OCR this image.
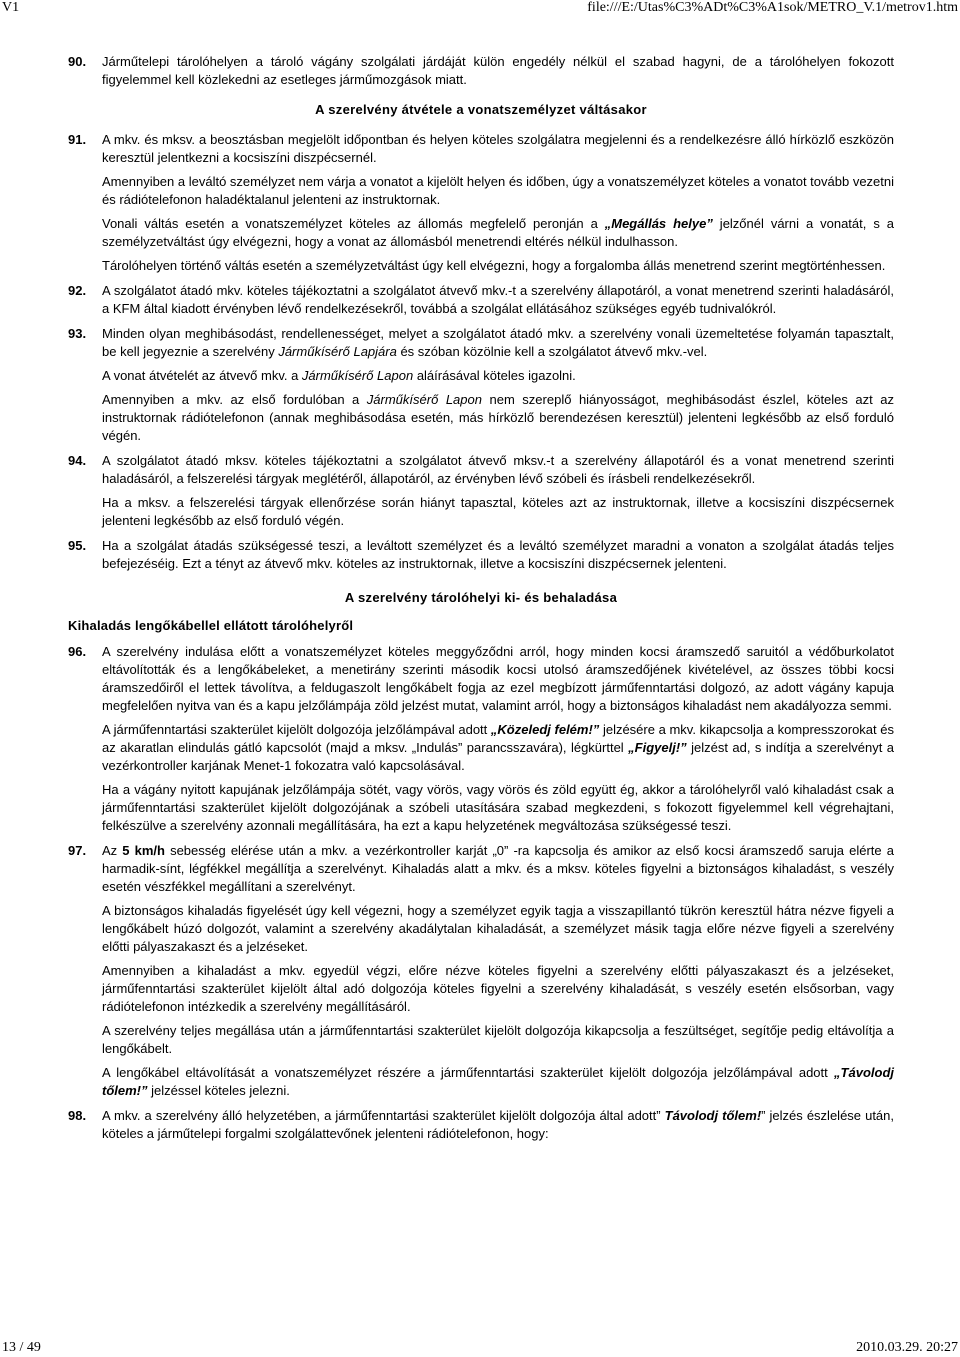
V1	file:///E:/Utas%C3%ADt%C3%A1sok/METRO_V.1/metrov1.htm
90.	Járműtelepi tárolóhelyen a tároló vágány szolgálati járdáját külön engedély nélkül el szabad hagyni, de a tárolóhelyen fokozott figyelemmel kell közlekedni az esetleges járműmozgások miatt.

A szerelvény átvétele a vonatszemélyzet váltásakor
91.	A mkv. és mksv. a beosztásban megjelölt időpontban és helyen köteles szolgálatra megjelenni és a rendelkezésre álló hírközlő eszközön keresztül jelentkezni a kocsiszíni diszpécsernél.

Amennyiben a leváltó személyzet nem várja a vonatot a kijelölt helyen és időben, úgy a vonatszemélyzet köteles a vonatot tovább vezetni és rádiótelefonon haladéktalanul jelenteni az instruktornak.

Vonali váltás esetén a vonatszemélyzet köteles az állomás megfelelő peronján a „Megállás helye” jelzőnél várni a vonatát, s a személyzetváltást úgy elvégezni, hogy a vonat az állomásból menetrendi eltérés nélkül indulhasson.

Tárolóhelyen történő váltás esetén a személyzetváltást úgy kell elvégezni, hogy a forgalomba állás menetrend szerint megtörténhessen.

92.	A szolgálatot átadó mkv. köteles tájékoztatni a szolgálatot átvevő mkv.-t a szerelvény állapotáról, a vonat menetrend szerinti haladásáról, a KFM által kiadott érvényben lévő rendelkezésekről, továbbá a szolgálat ellátásához szükséges egyéb tudnivalókról.

93.	Minden olyan meghibásodást, rendellenességet, melyet a szolgálatot átadó mkv. a szerelvény vonali üzemeltetése folyamán tapasztalt, be kell jegyeznie a szerelvény Járműkísérő Lapjára és szóban közölnie kell a szolgálatot átvevő mkv.-vel.

A vonat átvételét az átvevő mkv. a Járműkísérő Lapon aláírásával köteles igazolni.

Amennyiben a mkv. az első fordulóban a Járműkísérő Lapon nem szereplő hiányosságot, meghibásodást észlel, köteles azt az instruktornak rádiótelefonon (annak meghibásodása esetén, más hírközlő berendezésen keresztül) jelenteni legkésőbb az első forduló végén.

94.	A szolgálatot átadó mksv. köteles tájékoztatni a szolgálatot átvevő mksv.-t a szerelvény állapotáról és a vonat menetrend szerinti haladásáról, a felszerelési tárgyak meglétéről, állapotáról, az érvényben lévő szóbeli és írásbeli rendelkezésekről.

Ha a mksv. a felszerelési tárgyak ellenőrzése során hiányt tapasztal, köteles azt az instruktornak, illetve a kocsiszíni diszpécsernek jelenteni legkésőbb az első forduló végén.

95.	Ha a szolgálat átadás szükségessé teszi, a leváltott személyzet és a leváltó személyzet maradni a vonaton a szolgálat átadás teljes befejezéséig. Ezt a tényt az átvevő mkv. köteles az instruktornak, illetve a kocsiszíni diszpécsernek jelenteni.

A szerelvény tárolóhelyi ki- és behaladása
Kihaladás lengőkábellel ellátott tárolóhelyről
96.	A szerelvény indulása előtt a vonatszemélyzet köteles meggyőződni arról, hogy minden kocsi áramszedő saruitól a védőburkolatot eltávolították és a lengőkábeleket, a menetirány szerinti második kocsi utolsó áramszedőjének kivételével, az összes többi kocsi áramszedőiről el lettek távolítva, a feldugaszolt lengőkábelt fogja az ezel megbízott járműfenntartási dolgozó, az adott vágány kapuja megfelelően nyitva van és a kapu jelzőlámpája zöld jelzést mutat, valamint arról, hogy a biztonságos kihaladást nem akadályozza semmi.

A járműfenntartási szakterület kijelölt dolgozója jelzőlámpával adott „Közeledj felém!” jelzésére a mkv. kikapcsolja a kompresszorokat és az akaratlan elindulás gátló kapcsolót (majd a mksv. „Indulás” parancsszavára), légkürttel „Figyelj!” jelzést ad, s indítja a szerelvényt a vezérkontroller karjának Menet-1 fokozatra való kapcsolásával.

Ha a vágány nyitott kapujának jelzőlámpája sötét, vagy vörös, vagy vörös és zöld együtt ég, akkor a tárolóhelyről való kihaladást csak a járműfenntartási szakterület kijelölt dolgozójának a szóbeli utasítására szabad megkezdeni, s fokozott figyelemmel kell végrehajtani, felkészülve a szerelvény azonnali megállítására, ha ezt a kapu helyzetének megváltozása szükségessé teszi.

97.	Az 5 km/h sebesség elérése után a mkv. a vezérkontroller karját „0” -ra kapcsolja és amikor az első kocsi áramszedő saruja elérte a harmadik-sínt, légfékkel megállítja a szerelvényt. Kihaladás alatt a mkv. és a mksv. köteles figyelni a biztonságos kihaladást, s veszély esetén vészfékkel megállítani a szerelvényt.

A biztonságos kihaladás figyelését úgy kell végezni, hogy a személyzet egyik tagja a visszapillantó tükrön keresztül hátra nézve figyeli a lengőkábelt húzó dolgozót, valamint a szerelvény akadálytalan kihaladását, a személyzet másik tagja előre nézve figyeli a szerelvény előtti pályaszakaszt és a jelzéseket.

Amennyiben a kihaladást a mkv. egyedül végzi, előre nézve köteles figyelni a szerelvény előtti pályaszakaszt és a jelzéseket, járműfenntartási szakterület kijelölt által adó dolgozója köteles figyelni a szerelvény kihaladását, s veszély esetén elsősorban, vagy rádiótelefonon intézkedik a szerelvény megállításáról.

A szerelvény teljes megállása után a járműfenntartási szakterület kijelölt dolgozója kikapcsolja a feszültséget, segítője pedig eltávolítja a lengőkábelt.

A lengőkábel eltávolítását a vonatszemélyzet részére a járműfenntartási szakterület kijelölt dolgozója jelzőlámpával adott „Távolodj tőlem!” jelzéssel köteles jelezni.

98.	A mkv. a szerelvény álló helyzetében, a járműfenntartási szakterület kijelölt dolgozója által adott” Távolodj tőlem!” jelzés észlelése után, köteles a járműtelepi forgalmi szolgálattevőnek jelenteni rádiótelefonon, hogy:

13 / 49	2010.03.29. 20:27
